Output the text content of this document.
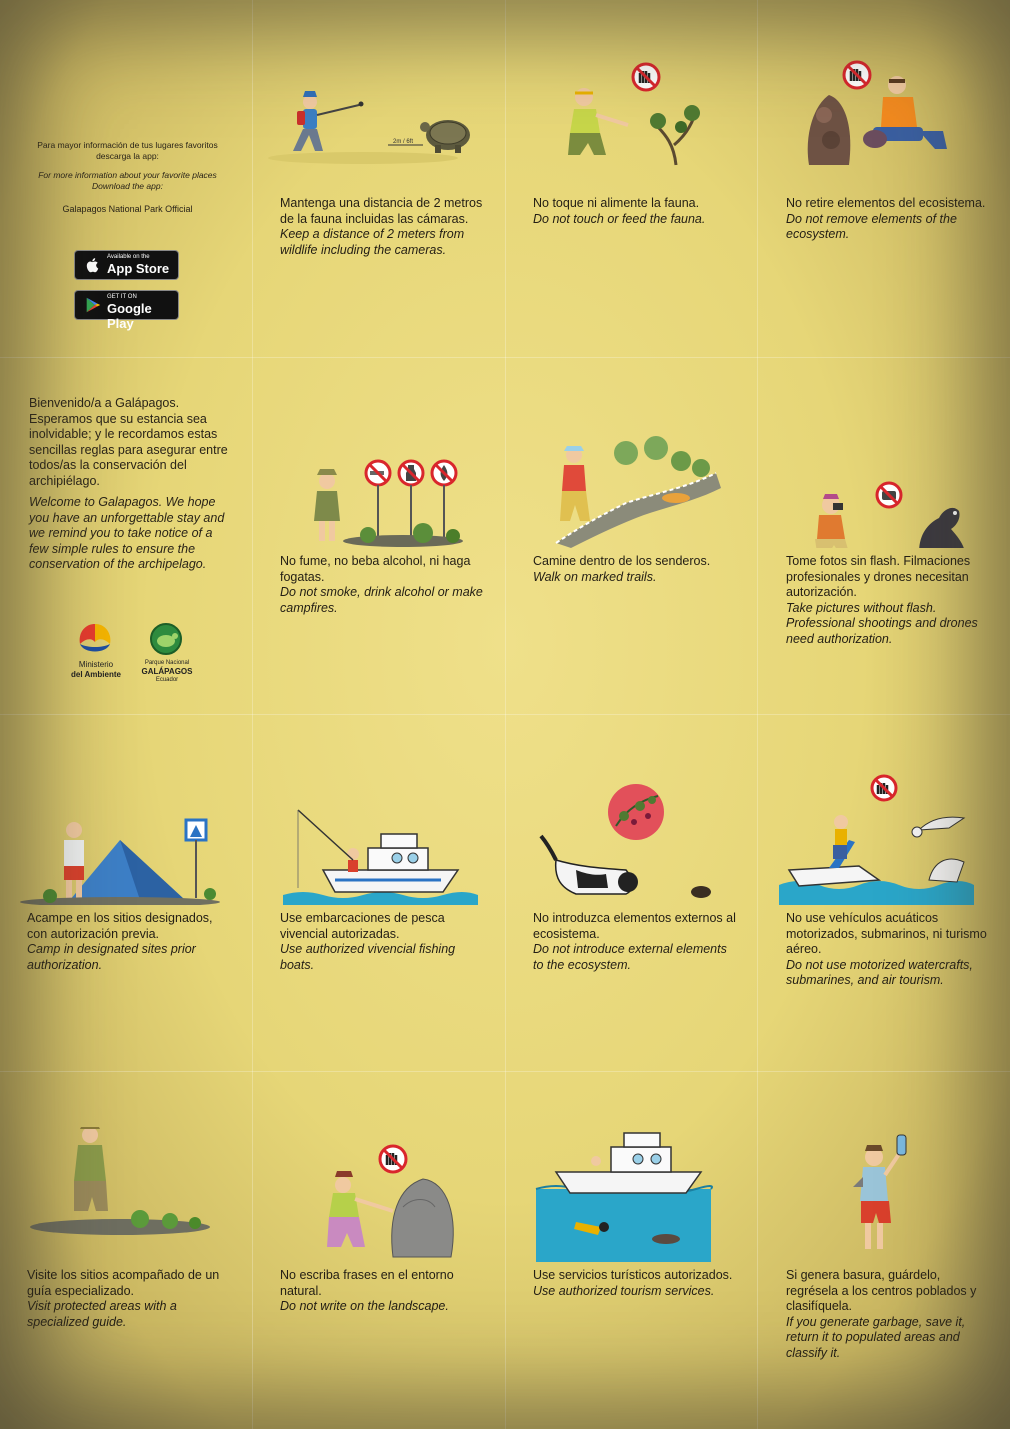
Para mayor información de tus lugares favoritos descarga la app:
For more information about your favorite places Download the app:
Galapagos National Park Official
Available on the
App Store
GET IT ON
Google Play
Bienvenido/a a Galápagos. Esperamos que su estancia sea inolvidable; y le recordamos estas sencillas reglas para asegurar entre todos/as la conservación del archipiélago.
Welcome to Galapagos. We hope you have an unforgettable stay and we remind you to take notice of a few simple rules to ensure the conservation of the archipelago.
Ministerio
del Ambiente
Parque Nacional
GALÁPAGOS
Ecuador
2m / 6ft
Mantenga una distancia de 2 metros de la fauna incluidas las cámaras.
Keep a distance of 2 meters from wildlife including the cameras.
No toque ni alimente la fauna.
Do not touch or feed the fauna.
No retire elementos del ecosistema.
Do not remove elements of the ecosystem.
No fume, no beba alcohol, ni haga fogatas.
Do not smoke, drink alcohol or make campfires.
Camine dentro de los senderos.
Walk on marked trails.
Tome fotos sin flash. Filmaciones profesionales y drones necesitan autorización.
Take pictures without flash. Professional shootings and drones need authorization.
Acampe en los sitios designados, con autorización previa.
Camp in designated sites prior authorization.
Use embarcaciones de pesca vivencial autorizadas.
Use authorized vivencial fishing boats.
No introduzca elementos externos al ecosistema.
Do not introduce external elements to the ecosystem.
No use vehículos acuáticos motorizados, submarinos, ni turismo aéreo.
Do not use motorized watercrafts, submarines, and air tourism.
Visite los sitios acompañado de un guía especializado.
Visit protected areas with a specialized guide.
No escriba frases en el entorno natural.
Do not write on the landscape.
Use servicios turísticos autorizados.
Use authorized tourism services.
Si genera basura, guárdelo, regrésela a los centros poblados y clasifíquela.
If you generate garbage, save it, return it to populated areas and classify it.
